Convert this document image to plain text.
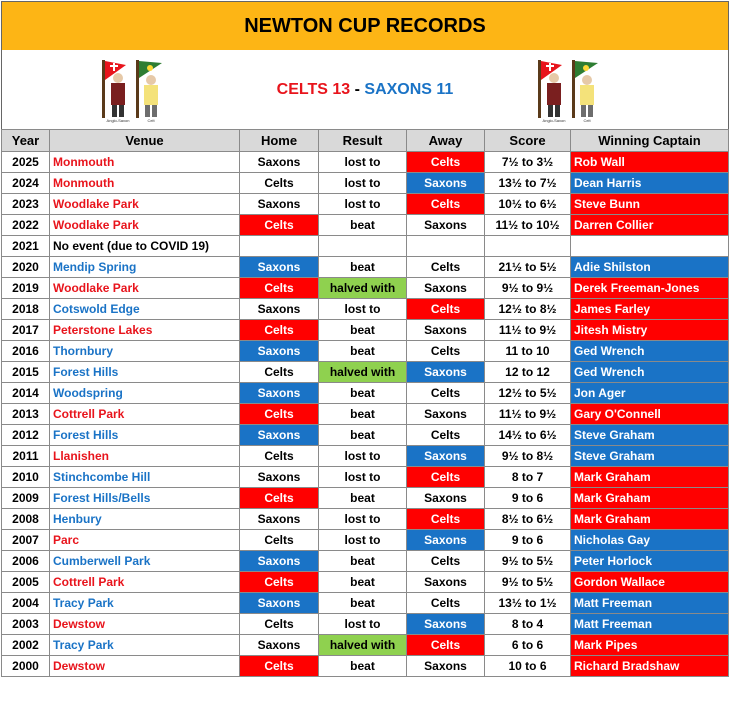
NEWTON CUP RECORDS
Anglo-Saxon	Celt
CELTS 13 - SAXONS 11
Anglo-Saxon	Celt
Year	Venue	Home	Result	Away	Score	Winning Captain
2025	Monmouth	Saxons	lost to	Celts	7½ to 3½	Rob Wall
2024	Monmouth	Celts	lost to	Saxons	13½ to 7½	Dean Harris
2023	Woodlake Park	Saxons	lost to	Celts	10½ to 6½	Steve Bunn
2022	Woodlake Park	Celts	beat	Saxons	11½ to 10½	Darren Collier
2021	No event (due to COVID 19)					
2020	Mendip Spring	Saxons	beat	Celts	21½ to 5½	Adie Shilston
2019	Woodlake Park	Celts	halved with	Saxons	9½ to 9½	Derek Freeman-Jones
2018	Cotswold Edge	Saxons	lost to	Celts	12½ to 8½	James Farley
2017	Peterstone Lakes	Celts	beat	Saxons	11½ to 9½	Jitesh Mistry
2016	Thornbury	Saxons	beat	Celts	11 to 10	Ged Wrench
2015	Forest Hills	Celts	halved with	Saxons	12 to 12	Ged Wrench
2014	Woodspring	Saxons	beat	Celts	12½ to 5½	Jon Ager
2013	Cottrell Park	Celts	beat	Saxons	11½ to 9½	Gary O'Connell
2012	Forest Hills	Saxons	beat	Celts	14½ to 6½	Steve Graham
2011	Llanishen	Celts	lost to	Saxons	9½ to 8½	Steve Graham
2010	Stinchcombe Hill	Saxons	lost to	Celts	8 to 7	Mark Graham
2009	Forest Hills/Bells	Celts	beat	Saxons	9 to 6	Mark Graham
2008	Henbury	Saxons	lost to	Celts	8½ to 6½	Mark Graham
2007	Parc	Celts	lost to	Saxons	9 to 6	Nicholas Gay
2006	Cumberwell Park	Saxons	beat	Celts	9½ to 5½	Peter Horlock
2005	Cottrell Park	Celts	beat	Saxons	9½ to 5½	Gordon Wallace
2004	Tracy Park	Saxons	beat	Celts	13½ to 1½	Matt Freeman
2003	Dewstow	Celts	lost to	Saxons	8 to 4	Matt Freeman
2002	Tracy Park	Saxons	halved with	Celts	6 to 6	Mark Pipes
2000	Dewstow	Celts	beat	Saxons	10 to 6	Richard Bradshaw
